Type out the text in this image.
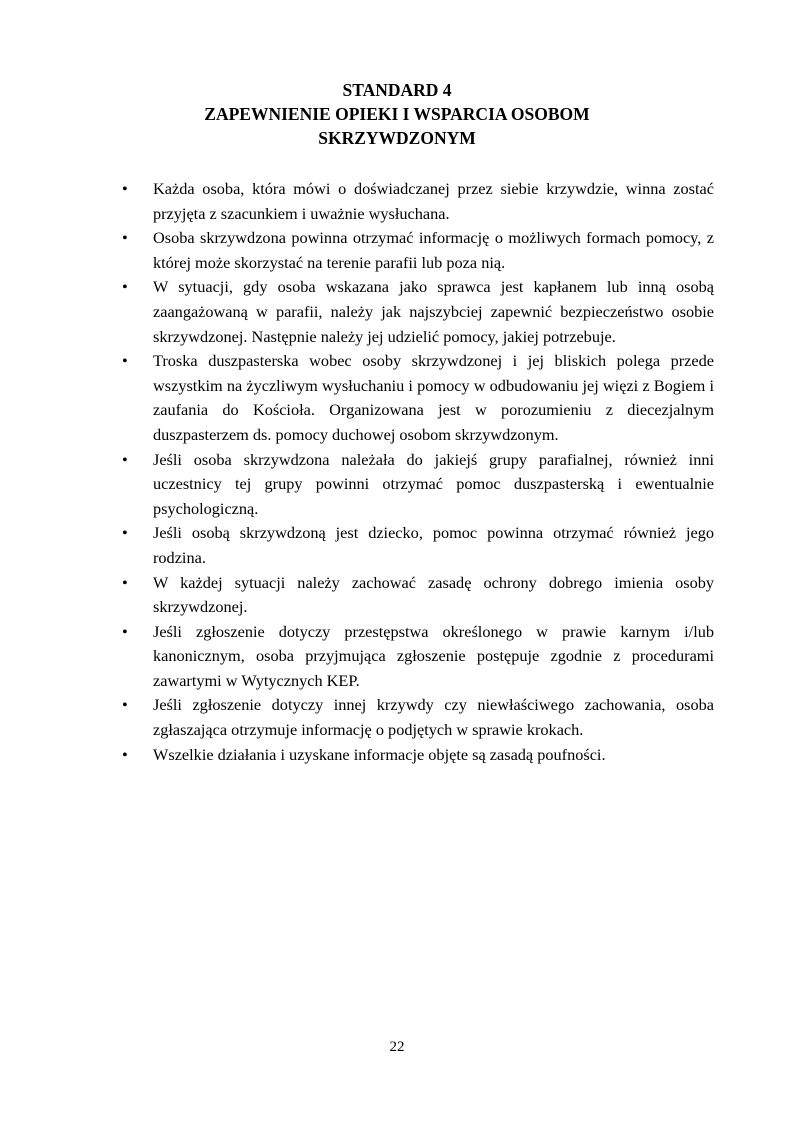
STANDARD 4
ZAPEWNIENIE OPIEKI I WSPARCIA OSOBOM
SKRZYWDZONYM
•	Każda osoba, która mówi o doświadczanej przez siebie krzywdzie, winna zostać przyjęta z szacunkiem i uważnie wysłuchana.
•	Osoba skrzywdzona powinna otrzymać informację o możliwych formach pomocy, z której może skorzystać na terenie parafii lub poza nią.
•	W sytuacji, gdy osoba wskazana jako sprawca jest kapłanem lub inną osobą zaangażowaną w parafii, należy jak najszybciej zapewnić bezpieczeństwo osobie skrzywdzonej. Następnie należy jej udzielić pomocy, jakiej potrzebuje.
•	Troska duszpasterska wobec osoby skrzywdzonej i jej bliskich polega przede wszystkim na życzliwym wysłuchaniu i pomocy w odbudowaniu jej więzi z Bogiem i zaufania do Kościoła. Organizowana jest w porozumieniu z diecezjalnym duszpasterzem ds. pomocy duchowej osobom skrzywdzonym.
•	Jeśli osoba skrzywdzona należała do jakiejś grupy parafialnej, również inni uczestnicy tej grupy powinni otrzymać pomoc duszpasterską i ewentualnie psychologiczną.
•	Jeśli osobą skrzywdzoną jest dziecko, pomoc powinna otrzymać również jego rodzina.
•	W każdej sytuacji należy zachować zasadę ochrony dobrego imienia osoby skrzywdzonej.
•	Jeśli zgłoszenie dotyczy przestępstwa określonego w prawie karnym i/lub kanonicznym, osoba przyjmująca zgłoszenie postępuje zgodnie z procedurami zawartymi w Wytycznych KEP.
•	Jeśli zgłoszenie dotyczy innej krzywdy czy niewłaściwego zachowania, osoba zgłaszająca otrzymuje informację o podjętych w sprawie krokach.
•	Wszelkie działania i uzyskane informacje objęte są zasadą poufności.
22
